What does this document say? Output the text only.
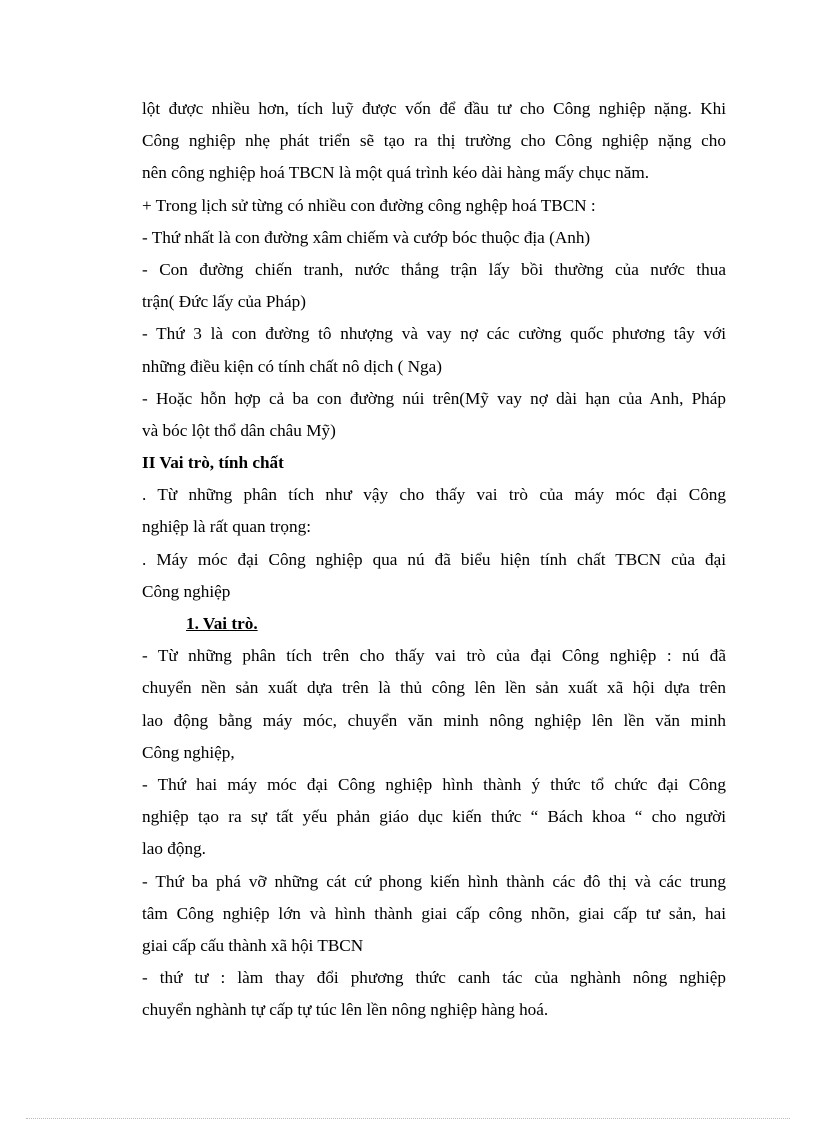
lột được nhiều hơn, tích luỹ được vốn để đầu tư cho Công nghiệp nặng. Khi
Công nghiệp nhẹ phát triển sẽ tạo ra thị trường cho Công nghiệp nặng cho
nên công nghiệp hoá TBCN là một quá trình kéo dài hàng mấy chục năm.
+ Trong lịch sử từng có nhiều con đường công nghệp hoá TBCN :
- Thứ nhất là con đường xâm chiếm và cướp bóc thuộc địa (Anh)
- Con đường chiến tranh, nước thắng trận lấy bồi thường của nước thua
trận( Đức lấy của Pháp)
- Thứ 3 là con đường tô nhượng và vay nợ các cường quốc phương tây với
những điều kiện có tính chất nô dịch ( Nga)
- Hoặc hỗn hợp cả ba con đường núi trên(Mỹ vay nợ dài hạn của Anh, Pháp
và bóc lột thổ dân châu Mỹ)
II Vai trò, tính chất
. Từ những phân tích như vậy cho thấy vai trò của máy móc đại Công
nghiệp là rất quan trọng:
. Máy móc đại Công nghiệp qua nú đã biểu hiện tính chất TBCN của đại
Công nghiệp
1. Vai trò.
- Từ những phân tích trên cho thấy vai trò của đại Công nghiệp : nú đã
chuyển nền sản xuất dựa trên là thủ công lên lền sản xuất xã hội dựa trên
lao động bằng máy móc, chuyển văn minh nông nghiệp lên lền văn minh
Công nghiệp,
- Thứ hai máy móc đại Công nghiệp hình thành ý thức tổ chức đại Công
nghiệp tạo ra sự tất yếu phản giáo dục kiến thức “ Bách khoa “ cho người
lao động.
- Thứ ba phá vỡ những cát cứ phong kiến hình thành các đô thị và các trung
tâm Công nghiệp lớn và hình thành giai cấp công nhõn, giai cấp tư sản, hai
giai cấp cấu thành xã hội TBCN
- thứ tư : làm thay đổi phương thức canh tác của nghành nông nghiệp
chuyển nghành tự cấp tự túc lên lền nông nghiệp hàng hoá.
